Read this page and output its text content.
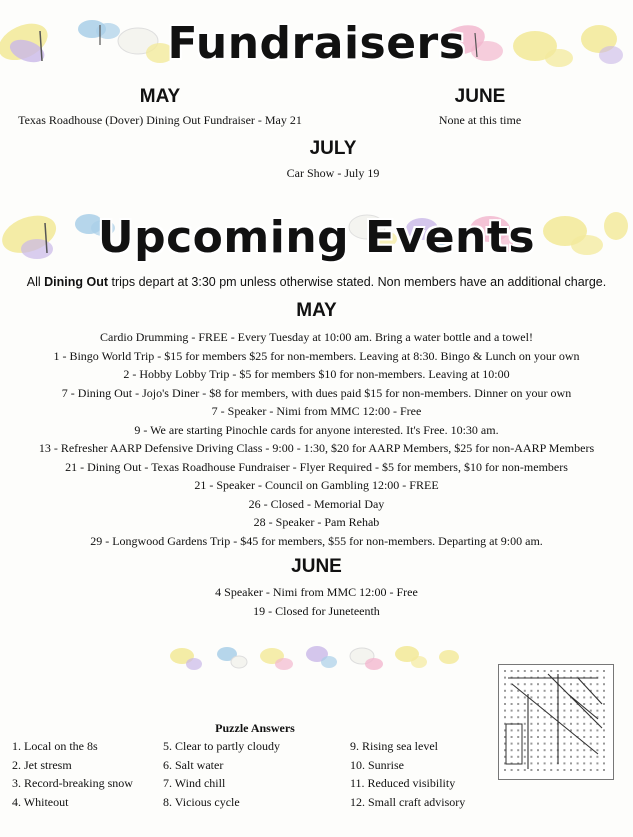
Fundraisers
MAY
Texas Roadhouse (Dover) Dining Out Fundraiser - May 21
JUNE
None at this time
JULY
Car Show - July 19
Upcoming Events
All Dining Out trips depart at 3:30 pm unless otherwise stated. Non members have an additional charge.
MAY
Cardio Drumming - FREE - Every Tuesday at 10:00 am. Bring a water bottle and a towel!
1 - Bingo World Trip - $15 for members $25 for non-members. Leaving at 8:30. Bingo & Lunch on your own
2 - Hobby Lobby Trip - $5 for members $10 for non-members. Leaving at 10:00
7 - Dining Out - Jojo's Diner - $8 for members, with dues paid $15 for non-members. Dinner on your own
7 - Speaker - Nimi from MMC 12:00 - Free
9 - We are starting Pinochle cards for anyone interested. It's Free. 10:30 am.
13 - Refresher AARP Defensive Driving Class - 9:00 - 1:30, $20 for AARP Members, $25 for non-AARP Members
21 - Dining Out - Texas Roadhouse Fundraiser - Flyer Required - $5 for members, $10 for non-members
21 - Speaker - Council on Gambling 12:00 - FREE
26 - Closed - Memorial Day
28 - Speaker - Pam Rehab
29 - Longwood Gardens Trip - $45 for members, $55 for non-members. Departing at 9:00 am.
JUNE
4 Speaker - Nimi from MMC 12:00 - Free
19 - Closed for Juneteenth
Puzzle Answers
1. Local on the 8s
2. Jet stresm
3. Record-breaking snow
4. Whiteout
5. Clear to partly cloudy
6. Salt water
7. Wind chill
8. Vicious cycle
9. Rising sea level
10. Sunrise
11. Reduced visibility
12. Small craft advisory
